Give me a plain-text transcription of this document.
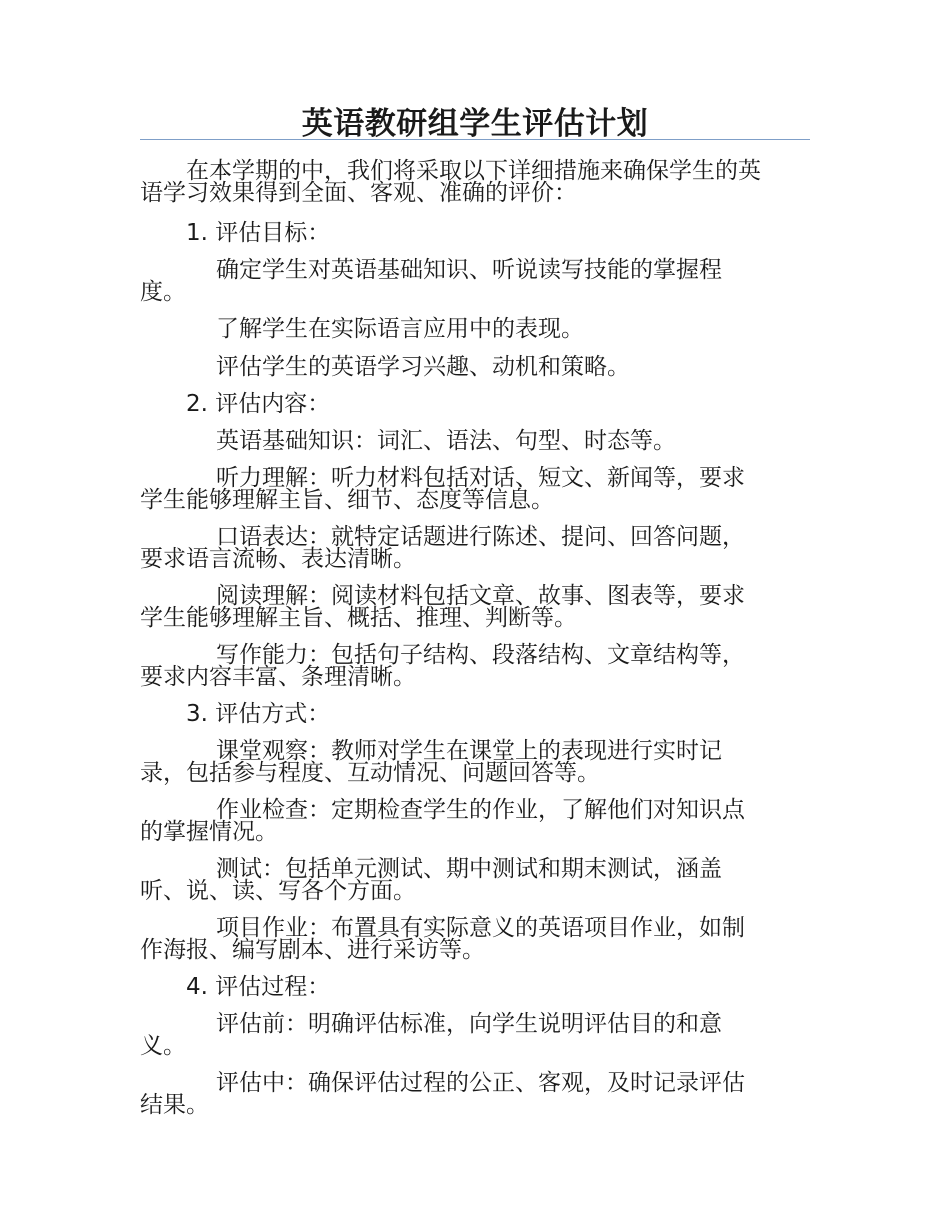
英语教研组学生评估计划

在本学期的中，我们将采取以下详细措施来确保学生的英
语学习效果得到全面、客观、准确的评价：

1. 评估目标：

确定学生对英语基础知识、听说读写技能的掌握程
度。

了解学生在实际语言应用中的表现。

评估学生的英语学习兴趣、动机和策略。

2. 评估内容：

英语基础知识：词汇、语法、句型、时态等。

听力理解：听力材料包括对话、短文、新闻等，要求
学生能够理解主旨、细节、态度等信息。

口语表达：就特定话题进行陈述、提问、回答问题，
要求语言流畅、表达清晰。

阅读理解：阅读材料包括文章、故事、图表等，要求
学生能够理解主旨、概括、推理、判断等。

写作能力：包括句子结构、段落结构、文章结构等，
要求内容丰富、条理清晰。

3. 评估方式：

课堂观察：教师对学生在课堂上的表现进行实时记
录，包括参与程度、互动情况、问题回答等。

作业检查：定期检查学生的作业，了解他们对知识点
的掌握情况。

测试：包括单元测试、期中测试和期末测试，涵盖
听、说、读、写各个方面。

项目作业：布置具有实际意义的英语项目作业，如制
作海报、编写剧本、进行采访等。

4. 评估过程：

评估前：明确评估标准，向学生说明评估目的和意
义。

评估中：确保评估过程的公正、客观，及时记录评估
结果。
